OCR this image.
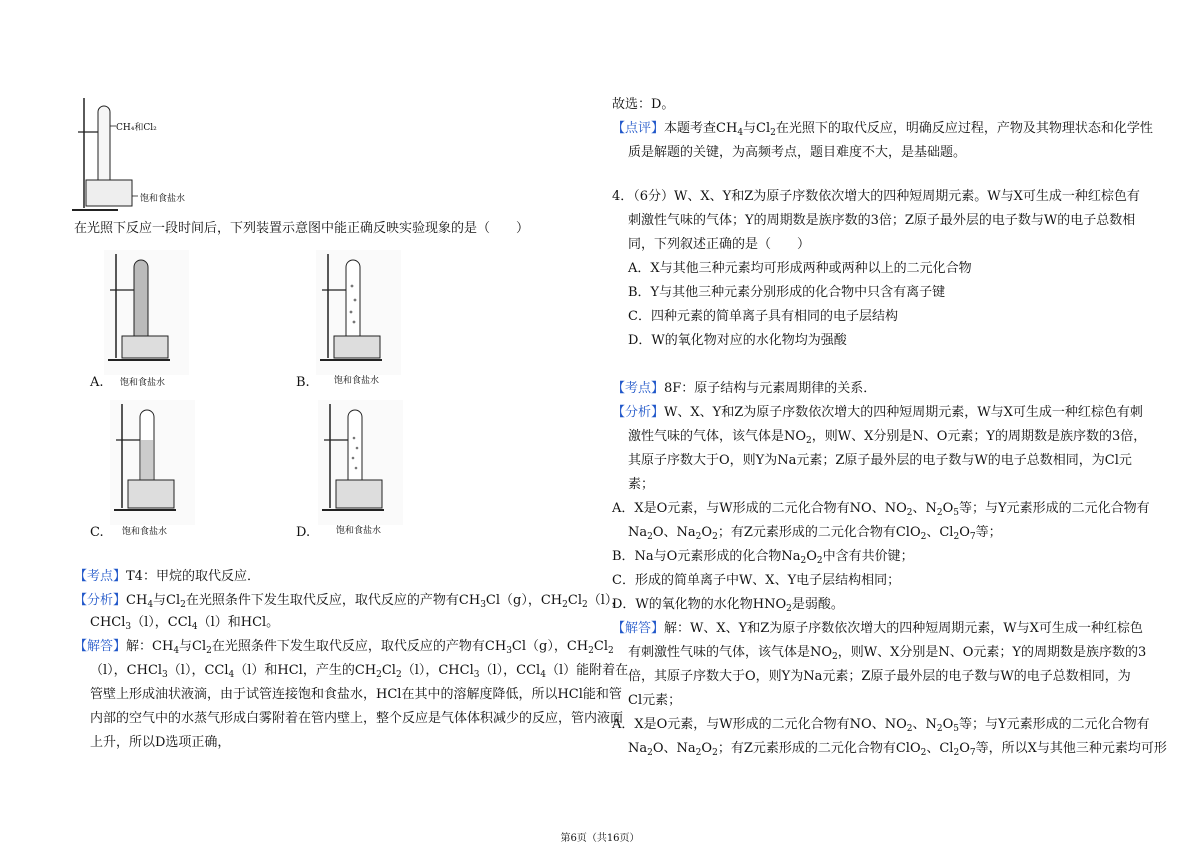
CH₄和Cl₂
饱和食盐水
在光照下反应一段时间后，下列装置示意图中能正确反映实验现象的是（　　）
A. 饱和食盐水	B.	饱和食盐水
C. 饱和食盐水	D.	饱和食盐水
【考点】T4：甲烷的取代反应．
【分析】$CH_4$与$Cl_2$在光照条件下发生取代反应，取代反应的产物有$CH_3Cl(g)$，$CH_2Cl_2(l)$，
CHCl$_3$（l），CCl$_4$（l）和HCl。
【解答】解：$CH_4$与$Cl_2$在光照条件下发生取代反应，取代反应的产物有$CH_3Cl(g)$，$CH_2Cl_2$
（l），CHCl$_3$（l），CCl$_4$（l）和HCl，产生的$CH_2Cl_2(l)$，CHCl$_3$（l），CCl$_4$（l）能附着在
管壁上形成油状液滴，由于试管连接饱和食盐水，HCl在其中的溶解度降低，所以HCl能和管
内部的空气中的水蒸气形成白雾附着在管内壁上，整个反应是气体体积减少的反应，管内液面
上升，所以D选项正确，
故选：D。
【点评】本题考查$CH_4$与$Cl_2$在光照下的取代反应，明确反应过程，产物及其物理状态和化学性
质是解题的关键，为高频考点，题目难度不大，是基础题。
4．（6分）W、X、Y和Z为原子序数依次增大的四种短周期元素。W与X可生成一种红棕色有
刺激性气味的气体；Y的周期数是族序数的3倍；Z原子最外层的电子数与W的电子总数相
同，下列叙述正确的是（　　）
A．X与其他三种元素均可形成两种或两种以上的二元化合物
B．Y与其他三种元素分别形成的化合物中只含有离子键
C．四种元素的简单离子具有相同的电子层结构
D．W的氧化物对应的水化物均为强酸
【考点】8F：原子结构与元素周期律的关系．
【分析】W、X、Y和Z为原子序数依次增大的四种短周期元素，W与X可生成一种红棕色有刺
激性气味的气体，该气体是$NO_2$，则W、X分别是N、O元素；Y的周期数是族序数的3倍，
其原子序数大于O，则Y为Na元素；Z原子最外层的电子数与W的电子总数相同，为Cl元
素；
A．X是O元素，与W形成的二元化合物有NO、$NO_2$、$N_2O_5$等；与Y元素形成的二元化合物有
$Na_2O$、$Na_2O_2$；有Z元素形成的二元化合物有ClO$_2$、$Cl_2O_7$等；
B．Na与O元素形成的化合物$Na_2O_2$中含有共价键；
C．形成的简单离子中W、X、Y电子层结构相同；
D．W的氧化物的水化物$HNO_2$是弱酸。
【解答】解：W、X、Y和Z为原子序数依次增大的四种短周期元素，W与X可生成一种红棕色
有刺激性气味的气体，该气体是$NO_2$，则W、X分别是N、O元素；Y的周期数是族序数的3
倍，其原子序数大于O，则Y为Na元素；Z原子最外层的电子数与W的电子总数相同，为
Cl元素；
A．X是O元素，与W形成的二元化合物有NO、$NO_2$、$N_2O_5$等；与Y元素形成的二元化合物有
$Na_2O$、$Na_2O_2$；有Z元素形成的二元化合物有ClO$_2$、$Cl_2O_7$等，所以X与其他三种元素均可形
第6页（共16页）
